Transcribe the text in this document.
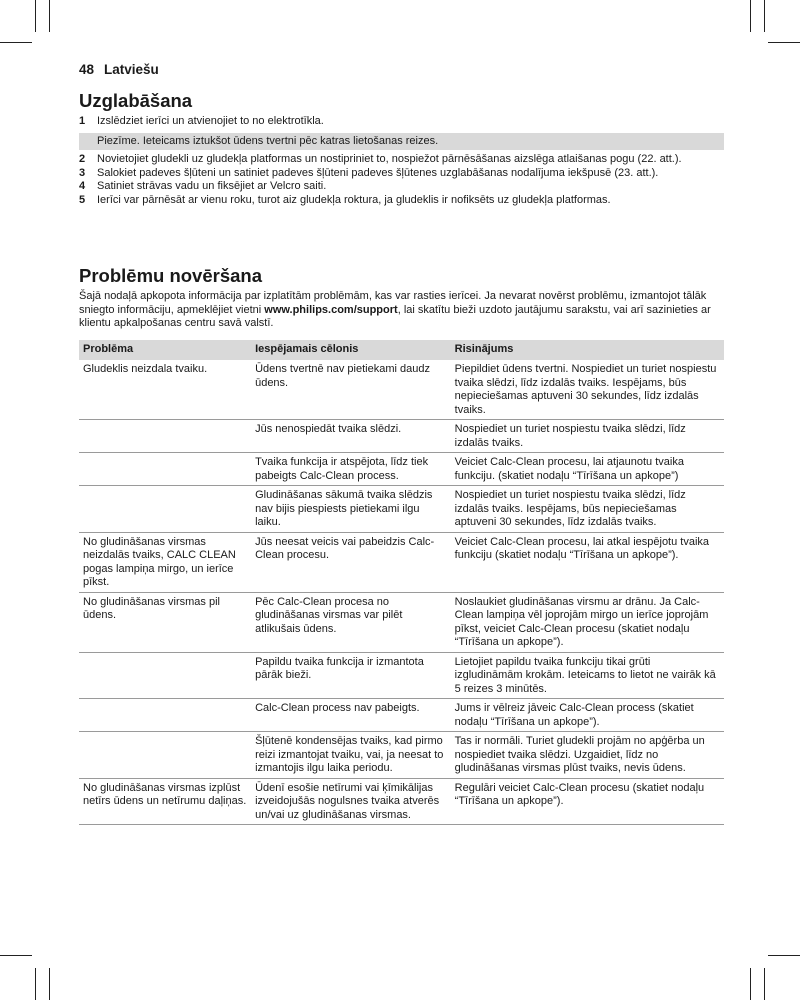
48 Latviešu
Uzglabāšana
1	Izslēdziet ierīci un atvienojiet to no elektrotīkla.
Piezīme. Ieteicams iztukšot ūdens tvertni pēc katras lietošanas reizes.
2	Novietojiet gludekli uz gludekļa platformas un nostipriniet to, nospiežot pārnēsāšanas aizslēga atlaišanas pogu (22. att.).
3	Salokiet padeves šļūteni un satiniet padeves šļūteni padeves šļūtenes uzglabāšanas nodalījuma iekšpusē (23. att.).
4	Satiniet strāvas vadu un fiksējiet ar Velcro saiti.
5	Ierīci var pārnēsāt ar vienu roku, turot aiz gludekļa roktura, ja gludeklis ir nofiksēts uz gludekļa platformas.
Problēmu novēršana
Šajā nodaļā apkopota informācija par izplatītām problēmām, kas var rasties ierīcei. Ja nevarat novērst problēmu, izmantojot tālāk sniegto informāciju, apmeklējiet vietni www.philips.com/support, lai skatītu bieži uzdoto jautājumu sarakstu, vai arī sazinieties ar klientu apkalpošanas centru savā valstī.
Problēma	Iespējamais cēlonis	Risinājums
Gludeklis neizdala tvaiku.	Ūdens tvertnē nav pietiekami daudz ūdens.	Piepildiet ūdens tvertni. Nospiediet un turiet nospiestu tvaika slēdzi, līdz izdalās tvaiks. Iespējams, būs nepieciešamas aptuveni 30 sekundes, līdz izdalās tvaiks.
	Jūs nenospiedāt tvaika slēdzi.	Nospiediet un turiet nospiestu tvaika slēdzi, līdz izdalās tvaiks.
	Tvaika funkcija ir atspējota, līdz tiek pabeigts Calc-Clean process.	Veiciet Calc-Clean procesu, lai atjaunotu tvaika funkciju. (skatiet nodaļu “Tīrīšana un apkope”)
	Gludināšanas sākumā tvaika slēdzis nav bijis piespiests pietiekami ilgu laiku.	Nospiediet un turiet nospiestu tvaika slēdzi, līdz izdalās tvaiks. Iespējams, būs nepieciešamas aptuveni 30 sekundes, līdz izdalās tvaiks.
No gludināšanas virsmas neizdalās tvaiks, CALC CLEAN pogas lampiņa mirgo, un ierīce pīkst.	Jūs neesat veicis vai pabeidzis Calc-Clean procesu.	Veiciet Calc-Clean procesu, lai atkal iespējotu tvaika funkciju (skatiet nodaļu “Tīrīšana un apkope”).
No gludināšanas virsmas pil ūdens.	Pēc Calc-Clean procesa no gludināšanas virsmas var pilēt atlikušais ūdens.	Noslaukiet gludināšanas virsmu ar drānu. Ja Calc-Clean lampiņa vēl joprojām mirgo un ierīce joprojām pīkst, veiciet Calc-Clean procesu (skatiet nodaļu “Tīrīšana un apkope”).
	Papildu tvaika funkcija ir izmantota pārāk bieži.	Lietojiet papildu tvaika funkciju tikai grūti izgludināmām krokām. Ieteicams to lietot ne vairāk kā 5 reizes 3 minūtēs.
	Calc-Clean process nav pabeigts.	Jums ir vēlreiz jāveic Calc-Clean process (skatiet nodaļu “Tīrīšana un apkope”).
	Šļūtenē kondensējas tvaiks, kad pirmo reizi izmantojat tvaiku, vai, ja neesat to izmantojis ilgu laika periodu.	Tas ir normāli. Turiet gludekli projām no apģērba un nospiediet tvaika slēdzi. Uzgaidiet, līdz no gludināšanas virsmas plūst tvaiks, nevis ūdens.
No gludināšanas virsmas izplūst netīrs ūdens un netīrumu daļiņas.	Ūdenī esošie netīrumi vai ķīmikālijas izveidojušās nogulsnes tvaika atverēs un/vai uz gludināšanas virsmas.	Regulāri veiciet Calc-Clean procesu (skatiet nodaļu “Tīrīšana un apkope”).
